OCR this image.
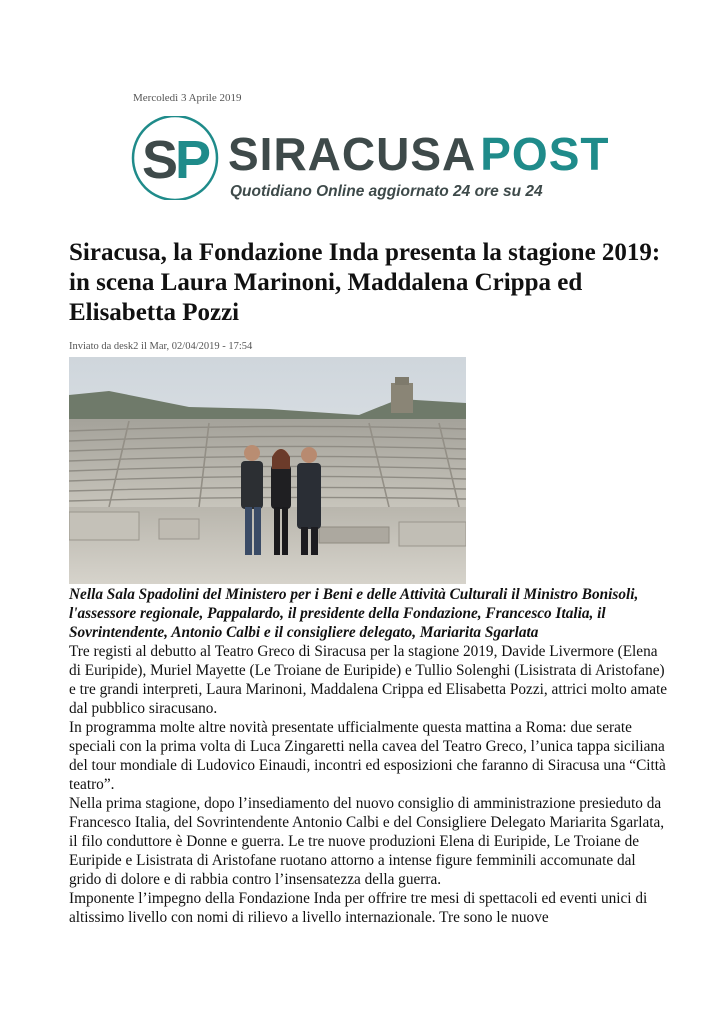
Mercoledì 3 Aprile 2019
S
P SIRACUSA POST
Quotidiano Online aggiornato 24 ore su 24
Siracusa, la Fondazione Inda presenta la stagione 2019: in scena Laura Marinoni, Maddalena Crippa ed Elisabetta Pozzi
Inviato da desk2 il Mar, 02/04/2019 - 17:54

Nella Sala Spadolini del Ministero per i Beni e delle Attività Culturali il Ministro Bonisoli, l'assessore regionale, Pappalardo, il presidente della Fondazione, Francesco Italia, il Sovrintendente, Antonio Calbi e il consigliere delegato, Mariarita Sgarlata

Tre registi al debutto al Teatro Greco di Siracusa per la stagione 2019, Davide Livermore (Elena di Euripide), Muriel Mayette (Le Troiane de Euripide) e Tullio Solenghi (Lisistrata di Aristofane) e tre grandi interpreti, Laura Marinoni, Maddalena Crippa ed Elisabetta Pozzi, attrici molto amate dal pubblico siracusano.

In programma molte altre novità presentate ufficialmente questa mattina a Roma: due serate speciali con la prima volta di Luca Zingaretti nella cavea del Teatro Greco, l’unica tappa siciliana del tour mondiale di Ludovico Einaudi, incontri ed esposizioni che faranno di Siracusa una “Città teatro”.

Nella prima stagione, dopo l’insediamento del nuovo consiglio di amministrazione presieduto da Francesco Italia, del Sovrintendente Antonio Calbi e del Consigliere Delegato Mariarita Sgarlata, il filo conduttore è Donne e guerra. Le tre nuove produzioni Elena di Euripide, Le Troiane de Euripide e Lisistrata di Aristofane ruotano attorno a intense figure femminili accomunate dal grido di dolore e di rabbia contro l’insensatezza della guerra.

Imponente l’impegno della Fondazione Inda per offrire tre mesi di spettacoli ed eventi unici di altissimo livello con nomi di rilievo a livello internazionale. Tre sono le nuove
